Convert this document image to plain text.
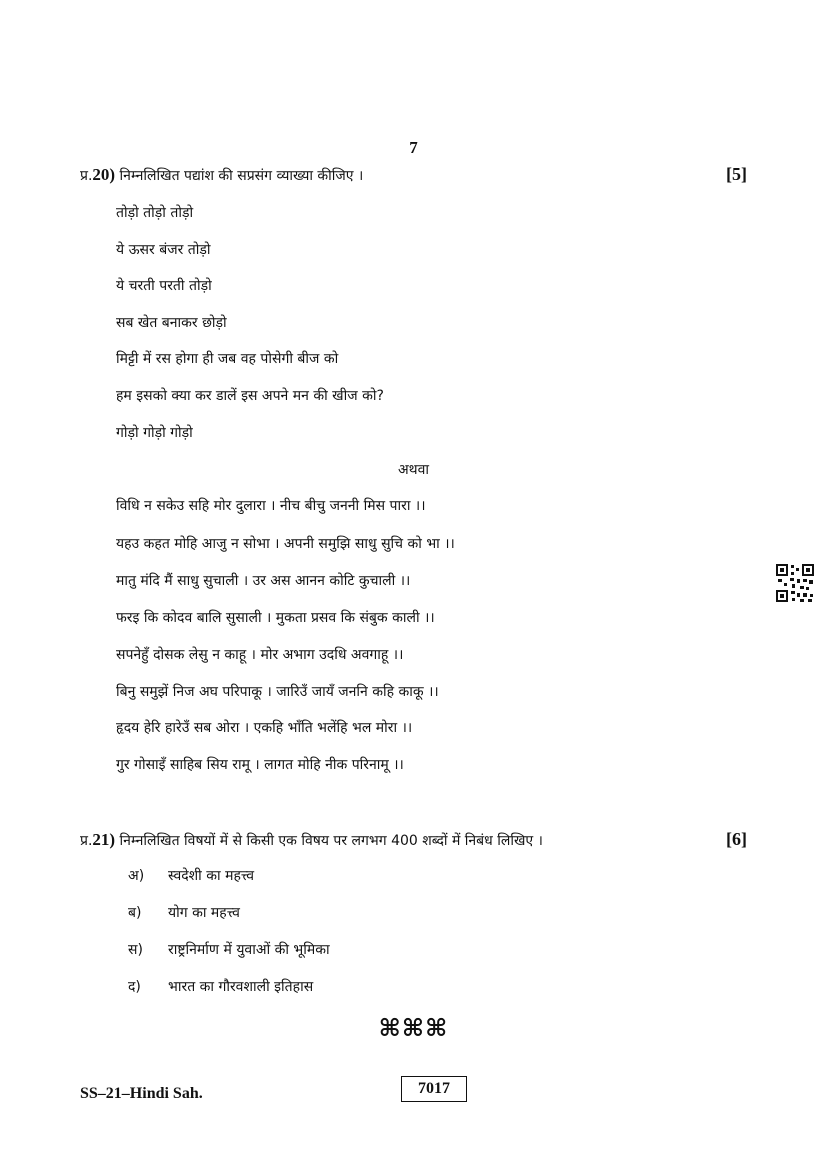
7
प्र.20) निम्नलिखित पद्यांश की सप्रसंग व्याख्या कीजिए ।	[5]
तोड़ो तोड़ो तोड़ो
ये ऊसर बंजर तोड़ो
ये चरती परती तोड़ो
सब खेत बनाकर छोड़ो
मिट्टी में रस होगा ही जब वह पोसेगी बीज को
हम इसको क्या कर डालें इस अपने मन की खीज को?
गोड़ो गोड़ो गोड़ो
अथवा
विधि न सकेउ सहि मोर दुलारा । नीच बीचु जननी मिस पारा ।।
यहउ कहत मोहि आजु न सोभा । अपनी समुझि साधु सुचि को भा ।।
मातु मंदि मैं साधु सुचाली । उर अस आनन कोटि कुचाली ।।
फरइ कि कोदव बालि सुसाली । मुकता प्रसव कि संबुक काली ।।
सपनेहुँ दोसक लेसु न काहू । मोर अभाग उदधि अवगाहू ।।
बिनु समुझें निज अघ परिपाकू । जारिउँ जायँ जननि कहि काकू ।।
हृदय हेरि हारेउँ सब ओरा । एकहि भाँति भलेंहि भल मोरा ।।
गुर गोसाइँ साहिब सिय रामू । लागत मोहि नीक परिनामू ।।
प्र.21) निम्नलिखित विषयों में से किसी एक विषय पर लगभग 400 शब्दों में निबंध लिखिए ।	[6]
अ) स्वदेशी का महत्त्व
ब) योग का महत्त्व
स) राष्ट्रनिर्माण में युवाओं की भूमिका
द) भारत का गौरवशाली इतिहास
⌘⌘⌘
SS–21–Hindi Sah.	7017
